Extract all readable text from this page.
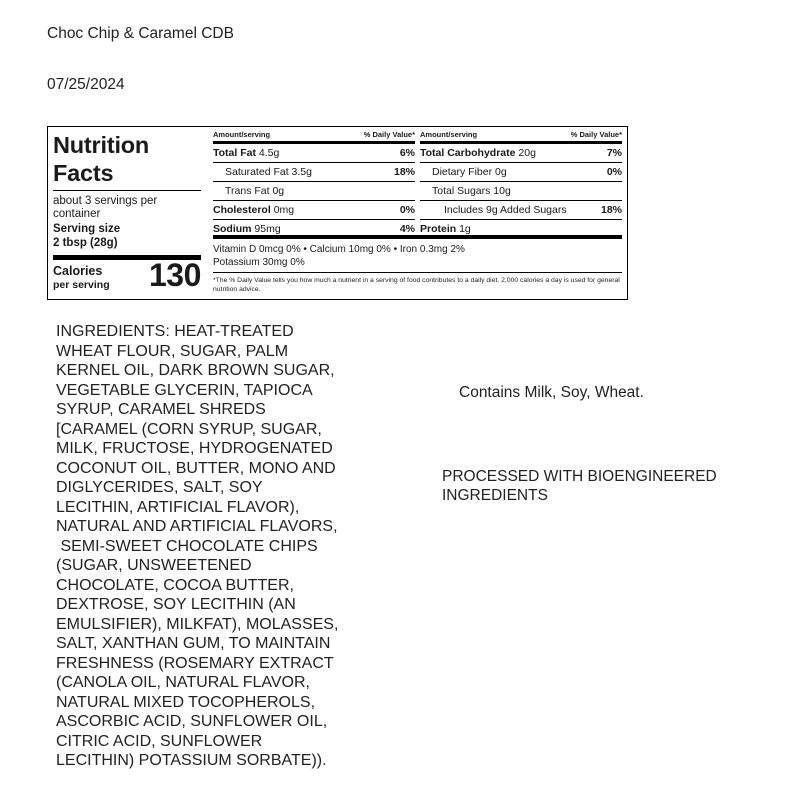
Choc Chip & Caramel CDB
07/25/2024
Nutrition
Facts
about 3 servings per container
Serving size
2 tbsp (28g)
Calories
per serving 130
Amount/serving	% Daily Value*
Total Fat 4.5g	6%
Saturated Fat 3.5g	18%
Trans Fat 0g
Cholesterol 0mg	0%
Sodium 95mg	4%
Amount/serving	% Daily Value*
Total Carbohydrate 20g	7%
Dietary Fiber 0g	0%
Total Sugars 10g
Includes 9g Added Sugars	18%
Protein 1g
Vitamin D 0mcg 0% • Calcium 10mg 0% • Iron 0.3mg 2%
Potassium 30mg 0%
*The % Daily Value tells you how much a nutrient in a serving of food contributes to a daily diet. 2,000 calories a day is used for general nutrition advice.
INGREDIENTS: HEAT-TREATED
WHEAT FLOUR, SUGAR, PALM
KERNEL OIL, DARK BROWN SUGAR,
VEGETABLE GLYCERIN, TAPIOCA
SYRUP, CARAMEL SHREDS
[CARAMEL (CORN SYRUP, SUGAR,
MILK, FRUCTOSE, HYDROGENATED
COCONUT OIL, BUTTER, MONO AND
DIGLYCERIDES, SALT, SOY
LECITHIN, ARTIFICIAL FLAVOR),
NATURAL AND ARTIFICIAL FLAVORS,
SEMI-SWEET CHOCOLATE CHIPS
(SUGAR, UNSWEETENED
CHOCOLATE, COCOA BUTTER,
DEXTROSE, SOY LECITHIN (AN
EMULSIFIER), MILKFAT), MOLASSES,
SALT, XANTHAN GUM, TO MAINTAIN
FRESHNESS (ROSEMARY EXTRACT
(CANOLA OIL, NATURAL FLAVOR,
NATURAL MIXED TOCOPHEROLS,
ASCORBIC ACID, SUNFLOWER OIL,
CITRIC ACID, SUNFLOWER
LECITHIN) POTASSIUM SORBATE)).
Contains Milk, Soy, Wheat.
PROCESSED WITH BIOENGINEERED
INGREDIENTS
